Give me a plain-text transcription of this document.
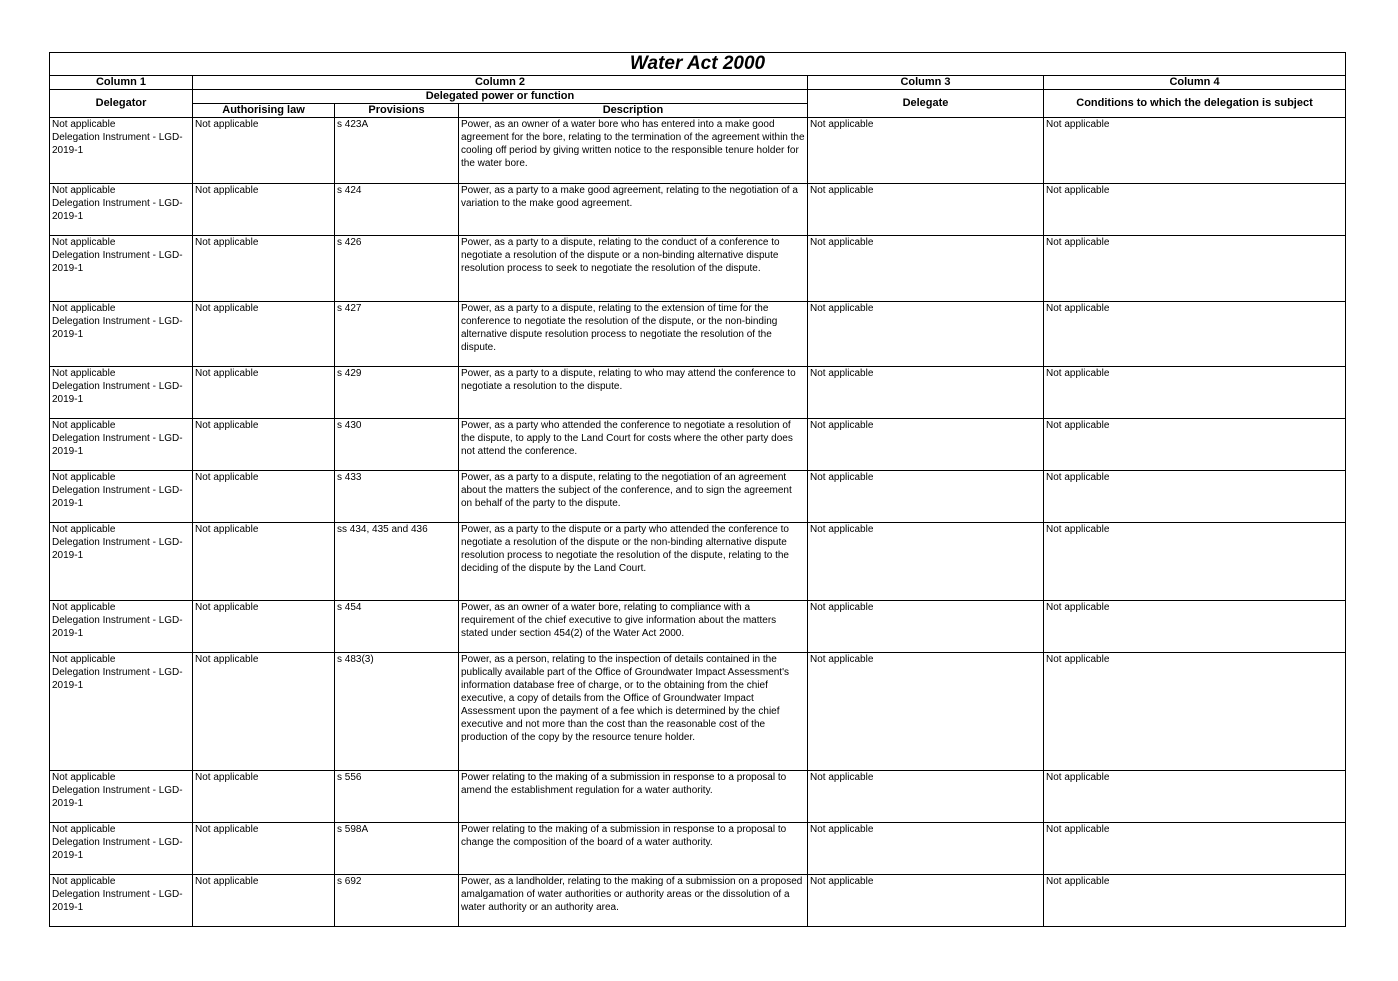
Water Act 2000					
Column 1	Column 2			Column 3	Column 4
Delegator	Delegated power or function			Delegate	Conditions to which the delegation is subject
	Authorising law	Provisions	Description		

Not applicable
Delegation Instrument - LGD-2019-1	Not applicable	s 423A	Power, as an owner of a water bore who has entered into a make good agreement for the bore, relating to the termination of the agreement within the cooling off period by giving written notice to the responsible tenure holder for the water bore.	Not applicable	Not applicable

Not applicable
Delegation Instrument - LGD-2019-1	Not applicable	s 424	Power, as a party to a make good agreement, relating to the negotiation of a variation to the make good agreement.	Not applicable	Not applicable

Not applicable
Delegation Instrument - LGD-2019-1	Not applicable	s 426	Power, as a party to a dispute, relating to the conduct of a conference to negotiate a resolution of the dispute or a non-binding alternative dispute resolution process to seek to negotiate the resolution of the dispute.	Not applicable	Not applicable

Not applicable
Delegation Instrument - LGD-2019-1	Not applicable	s 427	Power, as a party to a dispute, relating to the extension of time for the conference to negotiate the resolution of the dispute, or the non-binding alternative dispute resolution process to negotiate the resolution of the dispute.	Not applicable	Not applicable

Not applicable
Delegation Instrument - LGD-2019-1	Not applicable	s 429	Power, as a party to a dispute, relating to who may attend the conference to negotiate a resolution to the dispute.	Not applicable	Not applicable

Not applicable
Delegation Instrument - LGD-2019-1	Not applicable	s 430	Power, as a party who attended the conference to negotiate a resolution of the dispute, to apply to the Land Court for costs where the other party does not attend the conference.	Not applicable	Not applicable

Not applicable
Delegation Instrument - LGD-2019-1	Not applicable	s 433	Power, as a party to a dispute, relating to the negotiation of an agreement about the matters the subject of the conference, and to sign the agreement on behalf of the party to the dispute.	Not applicable	Not applicable

Not applicable
Delegation Instrument - LGD-2019-1	Not applicable	ss 434, 435 and 436	Power, as a party to the dispute or a party who attended the conference to negotiate a resolution of the dispute or the non-binding alternative dispute resolution process to negotiate the resolution of the dispute, relating to the deciding of the dispute by the Land Court.	Not applicable	Not applicable

Not applicable
Delegation Instrument - LGD-2019-1	Not applicable	s 454	Power, as an owner of a water bore, relating to compliance with a requirement of the chief executive to give information about the matters stated under section 454(2) of the Water Act 2000.	Not applicable	Not applicable

Not applicable
Delegation Instrument - LGD-2019-1	Not applicable	s 483(3)	Power, as a person, relating to the inspection of details contained in the publically available part of the Office of Groundwater Impact Assessment's information database free of charge, or to the obtaining from the chief executive, a copy of details from the Office of Groundwater Impact Assessment upon the payment of a fee which is determined by the chief executive and not more than the cost than the reasonable cost of the production of the copy by the resource tenure holder.	Not applicable	Not applicable

Not applicable
Delegation Instrument - LGD-2019-1	Not applicable	s 556	Power relating to the making of a submission in response to a proposal to amend the establishment regulation for a water authority.	Not applicable	Not applicable

Not applicable
Delegation Instrument - LGD-2019-1	Not applicable	s 598A	Power relating to the making of a submission in response to a proposal to change the composition of the board of a water authority.	Not applicable	Not applicable

Not applicable
Delegation Instrument - LGD-2019-1	Not applicable	s 692	Power, as a landholder, relating to the making of a submission on a proposed amalgamation of water authorities or authority areas or the dissolution of a water authority or an authority area.	Not applicable	Not applicable
